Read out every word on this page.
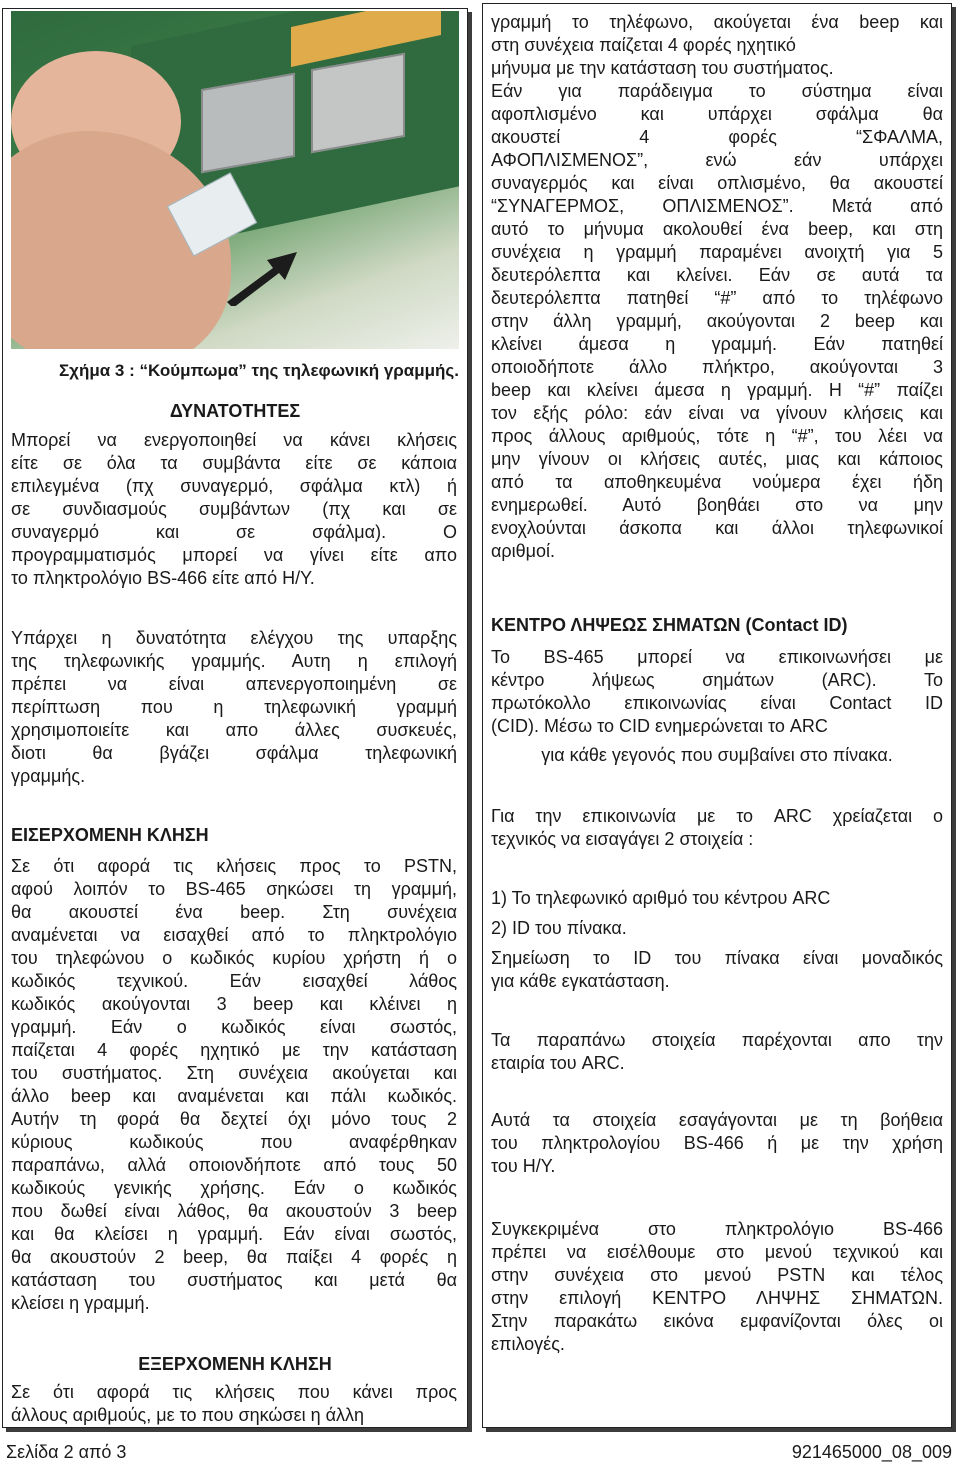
Σχήμα 3 : “Κούμπωμα” της τηλεφωνική γραμμής.

ΔΥΝΑΤΟΤΗΤΕΣ

Μπορεί να ενεργοποιηθεί να κάνει κλήσεις
είτε σε όλα τα συμβάντα είτε σε κάποια
επιλεγμένα (πχ συναγερμό, σφάλμα κτλ) ή
σε συνδιασμούς συμβάντων (πχ και σε
συναγερμό και σε σφάλμα). Ο
προγραμματισμός μπορεί να γίνει είτε απο
το πληκτρολόγιο BS-466 είτε από Η/Υ.
Υπάρχει η δυνατότητα ελέγχου της υπαρξης
της τηλεφωνικής γραμμής. Αυτη η επιλογή
πρέπει να είναι απενεργοποιημένη σε
περίπτωση που η τηλεφωνική γραμμή
χρησιμοποιείτε και απο άλλες συσκευές,
διοτι θα βγάζει σφάλμα τηλεφωνική
γραμμής.

ΕΙΣΕΡΧΟΜΕΝΗ ΚΛΗΣΗ

Σε ότι αφορά τις κλήσεις προς το PSTN,
αφού λοιπόν το BS-465 σηκώσει τη γραμμή,
θα ακουστεί ένα beep. Στη συνέχεια
αναμένεται να εισαχθεί από το πληκτρολόγιο
του τηλεφώνου ο κωδικός κυρίου χρήστη ή ο
κωδικός τεχνικού. Εάν εισαχθεί λάθος
κωδικός ακούγονται 3 beep και κλέινει η
γραμμή. Εάν ο κωδικός είναι σωστός,
παίζεται 4 φορές ηχητικό με την κατάσταση
του συστήματος. Στη συνέχεια ακούγεται και
άλλο beep και αναμένεται και πάλι κωδικός.
Αυτήν τη φορά θα δεχτεί όχι μόνο τους 2
κύριους κωδικούς που αναφέρθηκαν
παραπάνω, αλλά οποιονδήποτε από τους 50
κωδικούς γενικής χρήσης. Εάν ο κωδικός
που δωθεί είναι λάθος, θα ακουστούν 3 beep
και θα κλείσει η γραμμή. Εάν είναι σωστός,
θα ακουστούν 2 beep, θα παίξει 4 φορές η
κατάσταση του συστήματος και μετά θα
κλείσει η γραμμή.

ΕΞΕΡΧΟΜΕΝΗ ΚΛΗΣΗ

Σε ότι αφορά τις κλήσεις που κάνει προς
άλλους αριθμούς, με το που σηκώσει η άλλη
γραμμή το τηλέφωνο, ακούγεται ένα beep και
στη συνέχεια παίζεται 4 φορές ηχητικό
μήνυμα με την κατάσταση του συστήματος.
Εάν για παράδειγμα το σύστημα είναι
αφοπλισμένο και υπάρχει σφάλμα θα
ακουστεί 4 φορές “ΣΦΑΛΜΑ,
ΑΦΟΠΛΙΣΜΕΝΟΣ”, ενώ εάν υπάρχει
συναγερμός και είναι οπλισμένο, θα ακουστεί
“ΣΥΝΑΓΕΡΜΟΣ, ΟΠΛΙΣΜΕΝΟΣ”. Μετά από
αυτό το μήνυμα ακολουθεί ένα beep, και στη
συνέχεια η γραμμή παραμένει ανοιχτή για 5
δευτερόλεπτα και κλείνει. Εάν σε αυτά τα
δευτερόλεπτα πατηθεί “#” από το τηλέφωνο
στην άλλη γραμμή, ακούγονται 2 beep και
κλείνει άμεσα η γραμμή. Εάν πατηθεί
οποιοδήποτε άλλο πλήκτρο, ακούγονται 3
beep και κλείνει άμεσα η γραμμή. Η “#” παίζει
τον εξής ρόλο: εάν είναι να γίνουν κλήσεις και
προς άλλους αριθμούς, τότε η “#”, του λέει να
μην γίνουν οι κλήσεις αυτές, μιας και κάποιος
από τα αποθηκευμένα νούμερα έχει ήδη
ενημερωθεί. Αυτό βοηθάει στο να μην
ενοχλούνται άσκοπα και άλλοι τηλεφωνικοί
αριθμοί.

ΚΕΝΤΡΟ ΛΗΨΕΩΣ ΣΗΜΑΤΩΝ (Contact ID)

Το BS-465 μπορεί να επικοινωνήσει με
κέντρο λήψεως σημάτων (ARC). Το
πρωτόκολλο επικοινωνίας είναι Contact ID
(CID). Μέσω το CID ενημερώνεται το ARC
για κάθε γεγονός που συμβαίνει στο πίνακα.
Για την επικοινωνία με το ARC χρείαζεται ο
τεχνικός να εισαγάγει 2 στοιχεία :
1) Το τηλεφωνικό αριθμό του κέντρου ARC
2) ID του πίνακα.
Σημείωση το ID του πίνακα είναι μοναδικός
για κάθε εγκατάσταση.
Τα παραπάνω στοιχεία παρέχονται απο την
εταιρία του ARC.
Αυτά τα στοιχεία εσαγάγονται με τη βοήθεια
του πληκτρολογίου BS-466 ή με την χρήση
του Η/Υ.
Συγκεκριμένα στο πληκτρολόγιο BS-466
πρέπει να εισέλθουμε στο μενού τεχνικού και
στην συνέχεια στο μενού PSTN και τέλος
στην επιλογή ΚΕΝΤΡΟ ΛΗΨΗΣ ΣΗΜΑΤΩΝ.
Στην παρακάτω εικόνα εμφανίζονται όλες οι
επιλογές.

Σελίδα 2 από 3	921465000_08_009
